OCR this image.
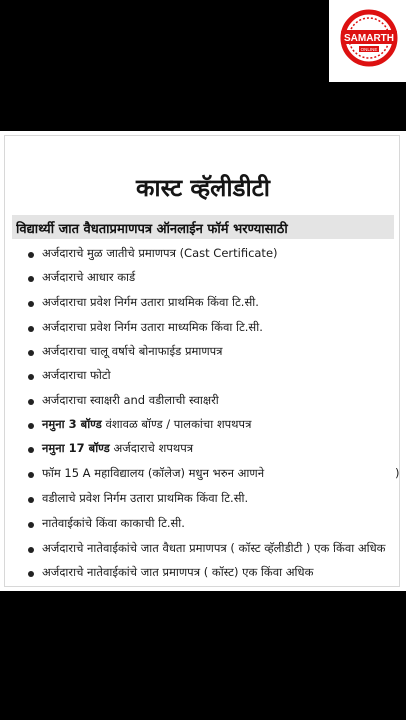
SAMARTH
ONLINE
कास्ट व्हॅलीडीटी
विद्यार्थ्यी जात वैधताप्रमाणपत्र ऑनलाईन फॉर्म भरण्यासाठी
अर्जदाराचे मुळ जातीचे प्रमाणपत्र (Cast Certificate)
अर्जदाराचे आधार कार्ड
अर्जदाराचा प्रवेश निर्गम उतारा प्राथमिक किंवा टि.सी.
अर्जदाराचा प्रवेश निर्गम उतारा माध्यमिक किंवा टि.सी.
अर्जदाराचा चालू वर्षाचे बोनाफाईड प्रमाणपत्र
अर्जदाराचा फोटो
अर्जदाराचा स्वाक्षरी and वडीलाची स्वाक्षरी
नमुना 3 बॉण्ड वंशावळ बॉण्ड / पालकांचा शपथपत्र
नमुना 17 बॉण्ड अर्जदाराचे शपथपत्र
फॉम 15 A महाविद्यालय (कॉलेज) मधुन भरुन आणने	)
वडीलाचे प्रवेश निर्गम उतारा प्राथमिक किंवा टि.सी.
नातेवाईकांचे किंवा काकाची टि.सी.
अर्जदाराचे नातेवाईकांचे जात वैधता प्रमाणपत्र ( कॉस्ट व्हॅलीडीटी ) एक किंवा अधिक
अर्जदाराचे नातेवाईकांचे जात प्रमाणपत्र ( कॉस्ट) एक किंवा अधिक
